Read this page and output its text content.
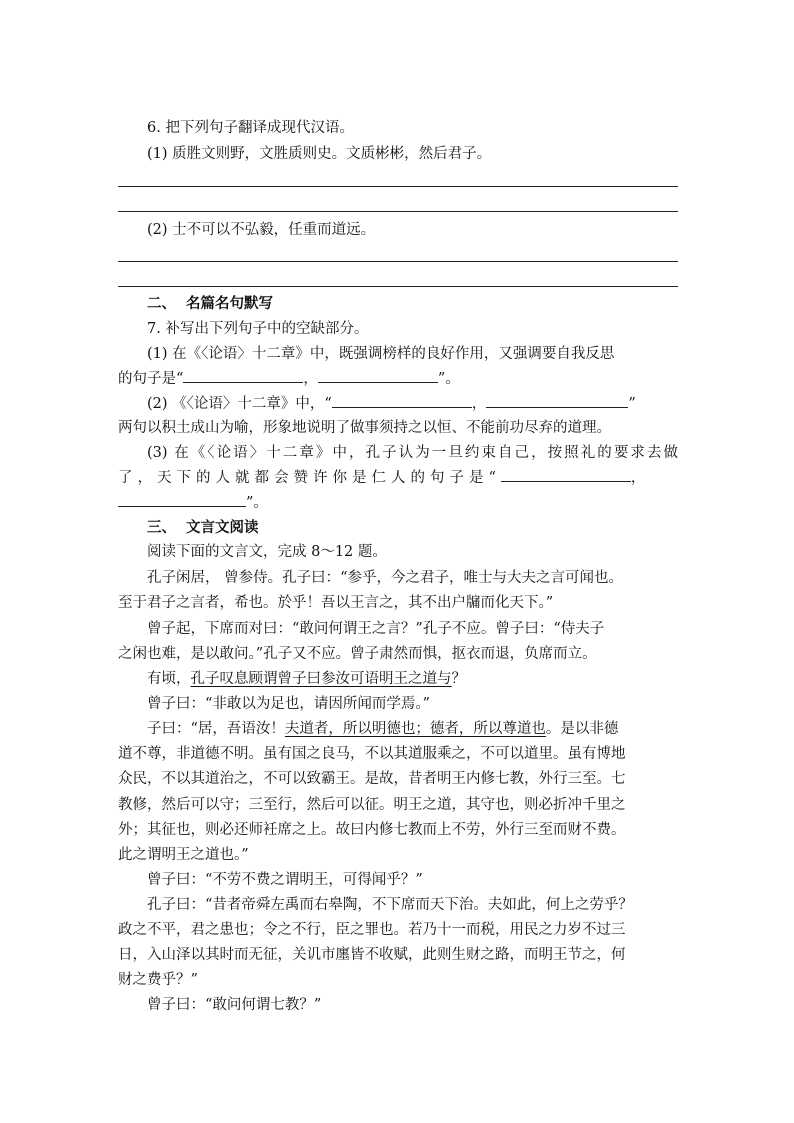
6. 把下列句子翻译成现代汉语。
(1) 质胜文则野，文胜质则史。文质彬彬，然后君子。
(2) 士不可以不弘毅，任重而道远。
二、 名篇名句默写
7. 补写出下列句子中的空缺部分。
(1) 在《〈论语〉十二章》中，既强调榜样的良好作用，又强调要自我反思
的句子是“	，	”。
(2) 《〈论语〉十二章》中，“	，	”
两句以积土成山为喻，形象地说明了做事须持之以恒、不能前功尽弃的道理。
(3) 在《〈论语〉十二章》中，孔子认为一旦约束自己，按照礼的要求去做
了，天下的人就都会赞许你是仁人的句子是“	，
”。
三、 文言文阅读
阅读下面的文言文，完成 8～12 题。
孔子闲居， 曾参侍。孔子曰：“参乎，今之君子，唯士与大夫之言可闻也。
至于君子之言者，希也。於乎！吾以王言之，其不出户牖而化天下。”
曾子起，下席而对曰：“敢问何谓王之言？”孔子不应。曾子曰：“侍夫子
之闲也难，是以敢问。”孔子又不应。曾子肃然而惧，抠衣而退，负席而立。
有顷，孔子叹息顾谓曾子曰参汝可语明王之道与？
曾子曰：“非敢以为足也，请因所闻而学焉。”
子曰：“居，吾语汝！夫道者，所以明德也；德者，所以尊道也。是以非德
道不尊，非道德不明。虽有国之良马，不以其道服乘之，不可以道里。虽有博地
众民，不以其道治之，不可以致霸王。是故，昔者明王内修七教，外行三至。七
教修，然后可以守；三至行，然后可以征。明王之道，其守也，则必折冲千里之
外；其征也，则必还师衽席之上。故曰内修七教而上不劳，外行三至而财不费。
此之谓明王之道也。”
曾子曰：“不劳不费之谓明王，可得闻乎？”
孔子曰：“昔者帝舜左禹而右皋陶，不下席而天下治。夫如此，何上之劳乎？
政之不平，君之患也；令之不行，臣之罪也。若乃十一而税，用民之力岁不过三
日，入山泽以其时而无征，关讥市廛皆不收赋，此则生财之路，而明王节之，何
财之费乎？”
曾子曰：“敢问何谓七教？”
